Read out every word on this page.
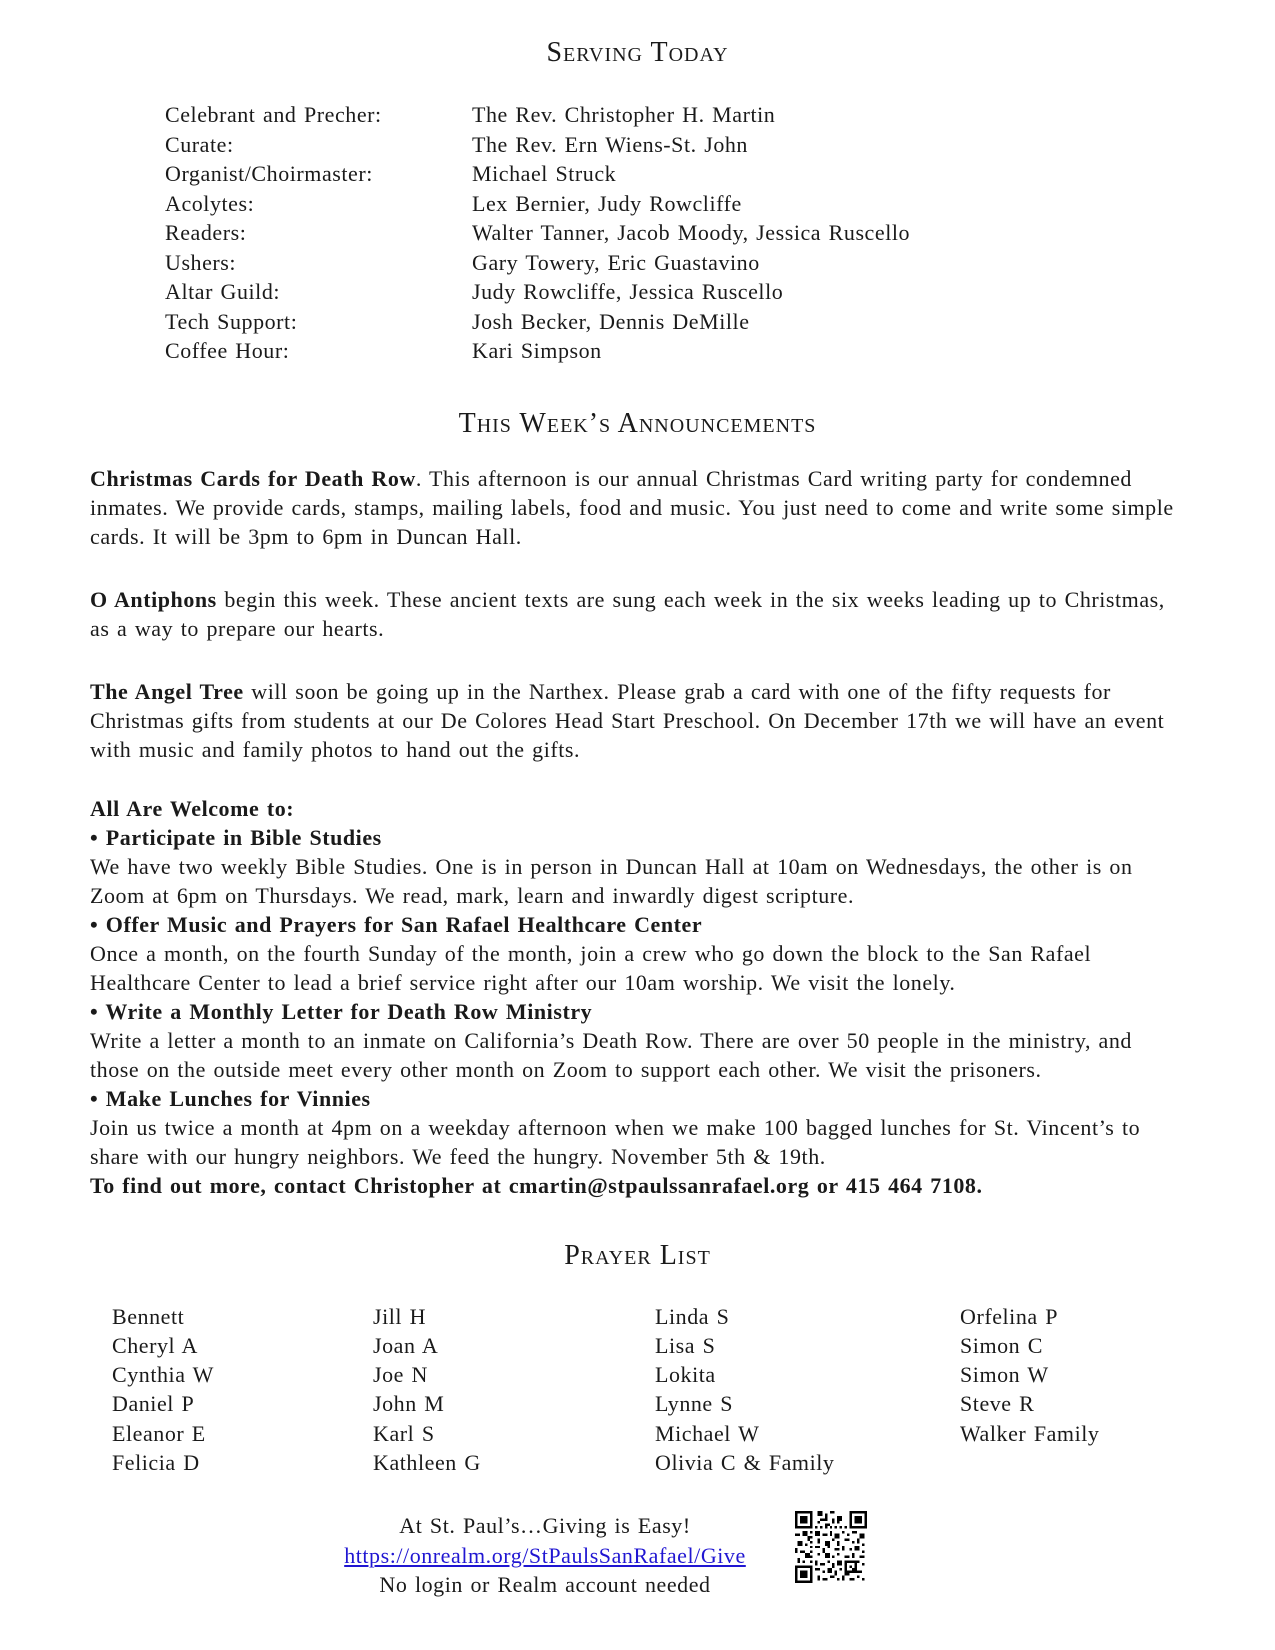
Serving Today
Celebrant and Precher:	The Rev. Christopher H. Martin
Curate:	The Rev. Ern Wiens-St. John
Organist/Choirmaster:	Michael Struck
Acolytes:	Lex Bernier, Judy Rowcliffe
Readers:	Walter Tanner, Jacob Moody, Jessica Ruscello
Ushers:	Gary Towery, Eric Guastavino
Altar Guild:	Judy Rowcliffe, Jessica Ruscello
Tech Support:	Josh Becker, Dennis DeMille
Coffee Hour:	Kari Simpson
This Week’s Announcements

Christmas Cards for Death Row. This afternoon is our annual Christmas Card writing party for condemned inmates. We provide cards, stamps, mailing labels, food and music. You just need to come and write some simple cards. It will be 3pm to 6pm in Duncan Hall.

O Antiphons begin this week. These ancient texts are sung each week in the six weeks leading up to Christmas, as a way to prepare our hearts.

The Angel Tree will soon be going up in the Narthex. Please grab a card with one of the fifty requests for Christmas gifts from students at our De Colores Head Start Preschool. On December 17th we will have an event with music and family photos to hand out the gifts.

All Are Welcome to:
• Participate in Bible Studies
We have two weekly Bible Studies. One is in person in Duncan Hall at 10am on Wednesdays, the other is on Zoom at 6pm on Thursdays. We read, mark, learn and inwardly digest scripture.
• Offer Music and Prayers for San Rafael Healthcare Center
Once a month, on the fourth Sunday of the month, join a crew who go down the block to the San Rafael Healthcare Center to lead a brief service right after our 10am worship. We visit the lonely.
• Write a Monthly Letter for Death Row Ministry
Write a letter a month to an inmate on California’s Death Row. There are over 50 people in the ministry, and those on the outside meet every other month on Zoom to support each other. We visit the prisoners.
• Make Lunches for Vinnies
Join us twice a month at 4pm on a weekday afternoon when we make 100 bagged lunches for St. Vincent’s to share with our hungry neighbors. We feed the hungry. November 5th & 19th.
To find out more, contact Christopher at cmartin@stpaulssanrafael.org or 415 464 7108.
Prayer List
Bennett
Cheryl A
Cynthia W
Daniel P
Eleanor E
Felicia D
Jill H
Joan A
Joe N
John M
Karl S
Kathleen G
Linda S
Lisa S
Lokita
Lynne S
Michael W
Olivia C & Family
Orfelina P
Simon C
Simon W
Steve R
Walker Family
At St. Paul’s…Giving is Easy!
https://onrealm.org/StPaulsSanRafael/Give
No login or Realm account needed
